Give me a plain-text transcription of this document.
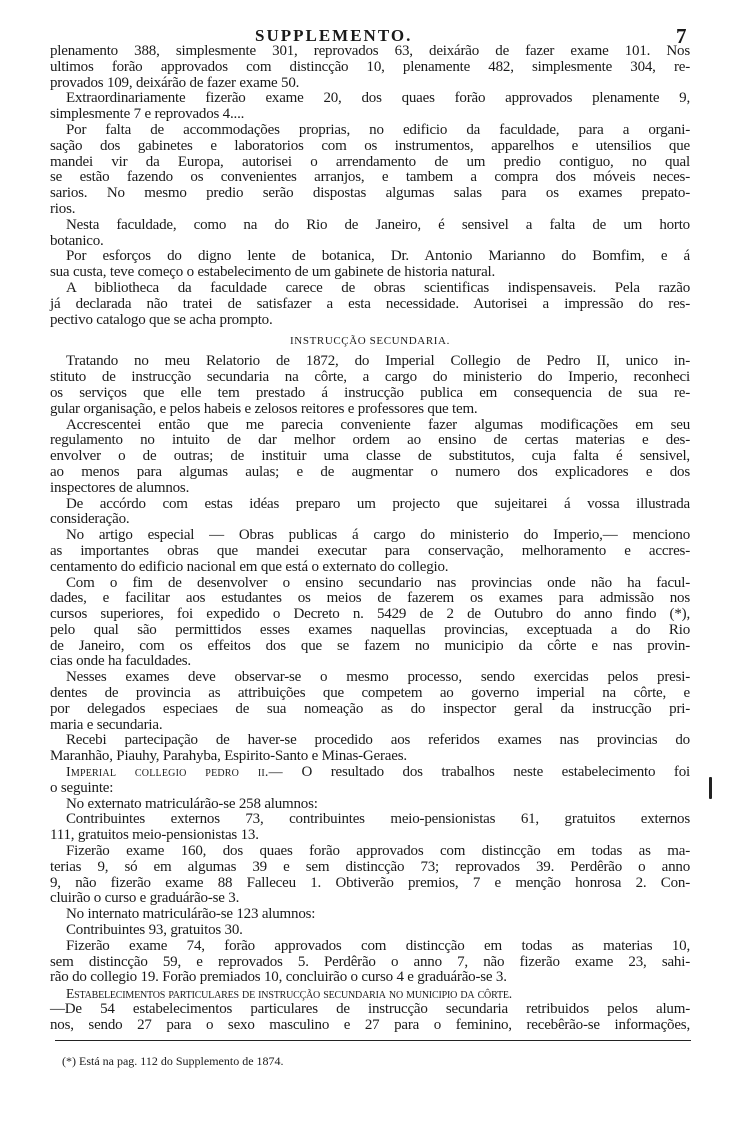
SUPPLEMENTO.	7
plenamento 388, simplesmente 301, reprovados 63, deixárão de fazer exame 101. Nos
ultimos forão approvados com distincção 10, plenamente 482, simplesmente 304, re-
provados 109, deixárão de fazer exame 50.
Extraordinariamente fizerão exame 20, dos quaes forão approvados plenamente 9,
simplesmente 7 e reprovados 4....
Por falta de accommodações proprias, no edificio da faculdade, para a organi-
sação dos gabinetes e laboratorios com os instrumentos, apparelhos e utensilios que
mandei vir da Europa, autorisei o arrendamento de um predio contiguo, no qual
se estão fazendo os convenientes arranjos, e tambem a compra dos móveis neces-
sarios. No mesmo predio serão dispostas algumas salas para os exames prepato-
rios.
Nesta faculdade, como na do Rio de Janeiro, é sensivel a falta de um horto
botanico.
Por esforços do digno lente de botanica, Dr. Antonio Marianno do Bomfim, e á
sua custa, teve começo o estabelecimento de um gabinete de historia natural.
A bibliotheca da faculdade carece de obras scientificas indispensaveis. Pela razão
já declarada não tratei de satisfazer a esta necessidade. Autorisei a impressão do res-
pectivo catalogo que se acha prompto.
INSTRUCÇÃO SECUNDARIA.
Tratando no meu Relatorio de 1872, do Imperial Collegio de Pedro II, unico in-
stituto de instrucção secundaria na côrte, a cargo do ministerio do Imperio, reconheci
os serviços que elle tem prestado á instrucção publica em consequencia de sua re-
gular organisação, e pelos habeis e zelosos reitores e professores que tem.
Accrescentei então que me parecia conveniente fazer algumas modificações em seu
regulamento no intuito de dar melhor ordem ao ensino de certas materias e des-
envolver o de outras; de instituir uma classe de substitutos, cuja falta é sensivel,
ao menos para algumas aulas; e de augmentar o numero dos explicadores e dos
inspectores de alumnos.
De accórdo com estas idéas preparo um projecto que sujeitarei á vossa illustrada
consideração.
No artigo especial — Obras publicas á cargo do ministerio do Imperio,— menciono
as importantes obras que mandei executar para conservação, melhoramento e accres-
centamento do edificio nacional em que está o externato do collegio.
Com o fim de desenvolver o ensino secundario nas provincias onde não ha facul-
dades, e facilitar aos estudantes os meios de fazerem os exames para admissão nos
cursos superiores, foi expedido o Decreto n. 5429 de 2 de Outubro do anno findo (*),
pelo qual são permittidos esses exames naquellas provincias, exceptuada a do Rio
de Janeiro, com os effeitos dos que se fazem no municipio da côrte e nas provin-
cias onde ha faculdades.
Nesses exames deve observar-se o mesmo processo, sendo exercidas pelos presi-
dentes de provincia as attribuições que competem ao governo imperial na côrte, e
por delegados especiaes de sua nomeação as do inspector geral da instrucção pri-
maria e secundaria.
Recebi partecipação de haver-se procedido aos referidos exames nas provincias do
Maranhão, Piauhy, Parahyba, Espirito-Santo e Minas-Geraes.
Imperial collegio pedro ii.— O resultado dos trabalhos neste estabelecimento foi
o seguinte:
No externato matriculárão-se 258 alumnos:
Contribuintes externos 73, contribuintes meio-pensionistas 61, gratuitos externos
111, gratuitos meio-pensionistas 13.
Fizerão exame 160, dos quaes forão approvados com distincção em todas as ma-
terias 9, só em algumas 39 e sem distincção 73; reprovados 39. Perdêrão o anno
9, não fizerão exame 88 Falleceu 1. Obtiverão premios, 7 e menção honrosa 2. Con-
cluirão o curso e graduárão-se 3.
No internato matriculárão-se 123 alumnos:
Contribuintes 93, gratuitos 30.
Fizerão exame 74, forão approvados com distincção em todas as materias 10,
sem distincção 59, e reprovados 5. Perdêrão o anno 7, não fizerão exame 23, sahi-
rão do collegio 19. Forão premiados 10, concluirão o curso 4 e graduárão-se 3.
Estabelecimentos particulares de instrucção secundaria no municipio da côrte.
—De 54 estabelecimentos particulares de instrucção secundaria retribuidos pelos alum-
nos, sendo 27 para o sexo masculino e 27 para o feminino, recebêrão-se informações,
(*) Está na pag. 112 do Supplemento de 1874.
